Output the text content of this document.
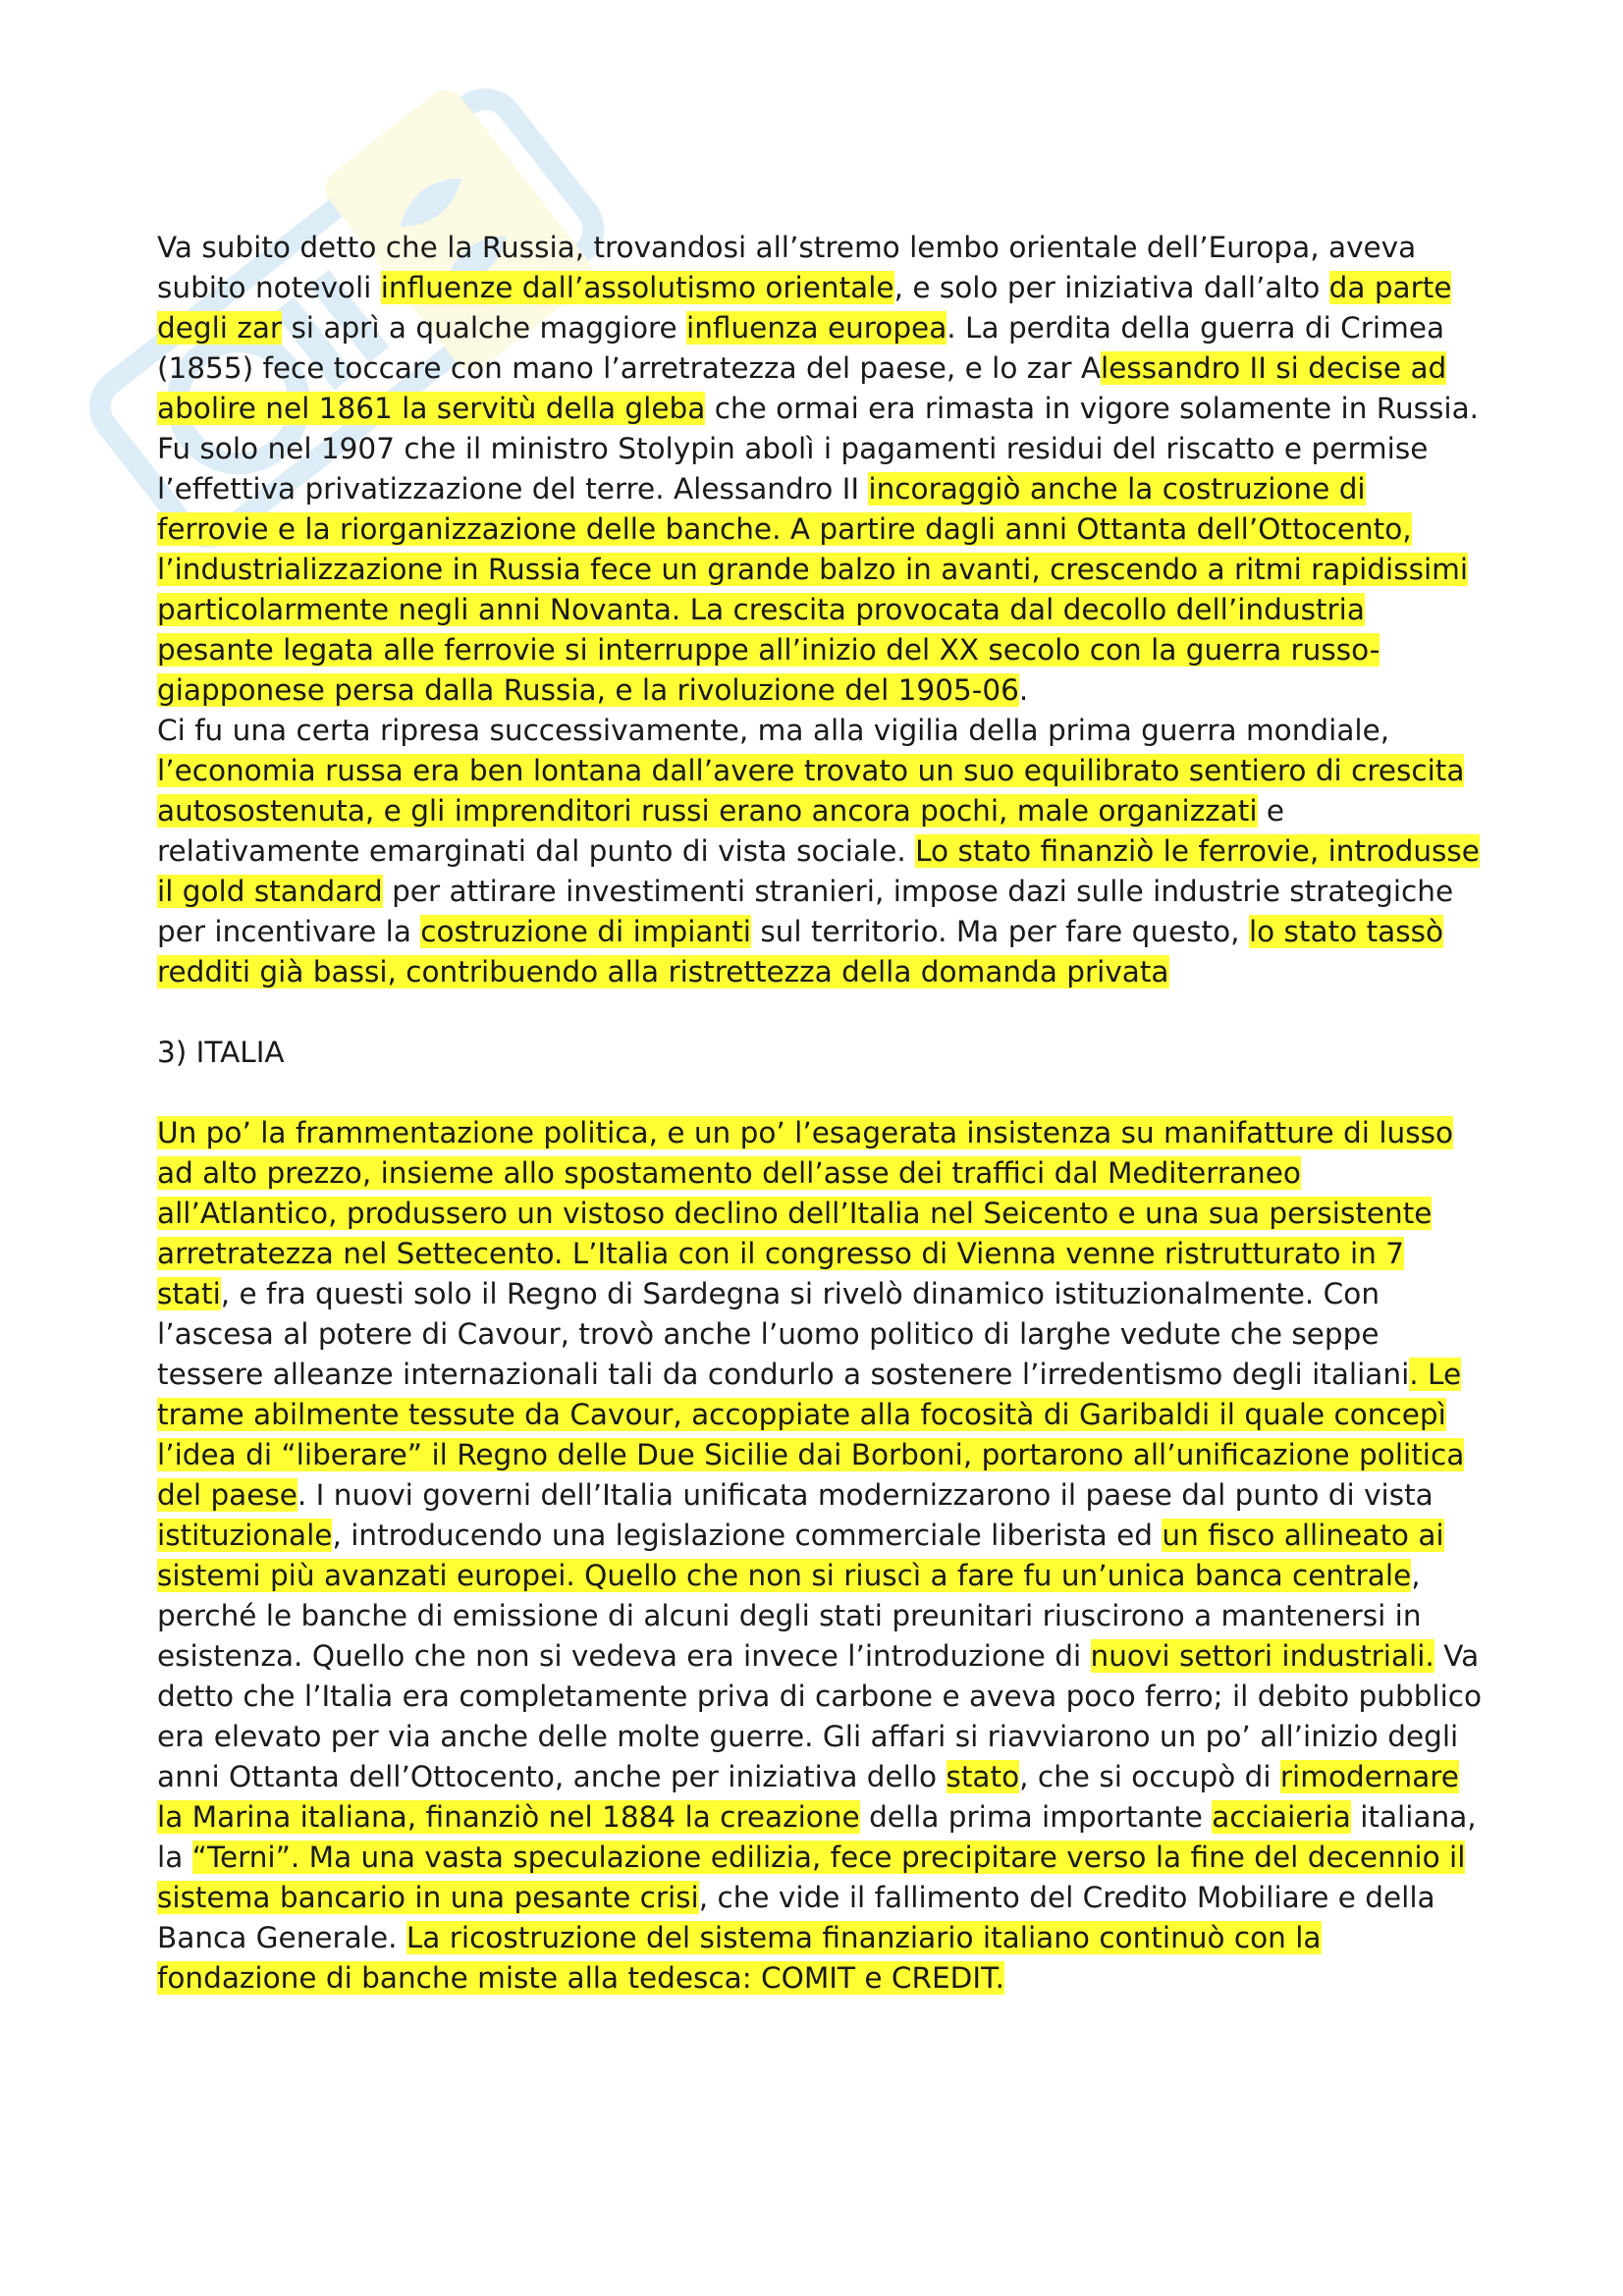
Va subito detto che la Russia, trovandosi all’stremo lembo orientale dell’Europa, aveva subito notevoli influenze dall’assolutismo orientale, e solo per iniziativa dall’alto da parte degli zar si aprì a qualche maggiore influenza europea. La perdita della guerra di Crimea (1855) fece toccare con mano l’arretratezza del paese, e lo zar Alessandro II si decise ad abolire nel 1861 la servitù della gleba che ormai era rimasta in vigore solamente in Russia. Fu solo nel 1907 che il ministro Stolypin abolì i pagamenti residui del riscatto e permise l’effettiva privatizzazione del terre. Alessandro II incoraggiò anche la costruzione di ferrovie e la riorganizzazione delle banche. A partire dagli anni Ottanta dell’Ottocento, l’industrializzazione in Russia fece un grande balzo in avanti, crescendo a ritmi rapidissimi particolarmente negli anni Novanta. La crescita provocata dal decollo dell’industria pesante legata alle ferrovie si interruppe all’inizio del XX secolo con la guerra russo-giapponese persa dalla Russia, e la rivoluzione del 1905-06.

Ci fu una certa ripresa successivamente, ma alla vigilia della prima guerra mondiale, l’economia russa era ben lontana dall’avere trovato un suo equilibrato sentiero di crescita autosostenuta, e gli imprenditori russi erano ancora pochi, male organizzati e relativamente emarginati dal punto di vista sociale. Lo stato finanziò le ferrovie, introdusse il gold standard per attirare investimenti stranieri, impose dazi sulle industrie strategiche per incentivare la costruzione di impianti sul territorio. Ma per fare questo, lo stato tassò redditi già bassi, contribuendo alla ristrettezza della domanda privata

3) ITALIA

Un po’ la frammentazione politica, e un po’ l’esagerata insistenza su manifatture di lusso ad alto prezzo, insieme allo spostamento dell’asse dei traffici dal Mediterraneo all’Atlantico, produssero un vistoso declino dell’Italia nel Seicento e una sua persistente arretratezza nel Settecento. L’Italia con il congresso di Vienna venne ristrutturato in 7 stati, e fra questi solo il Regno di Sardegna si rivelò dinamico istituzionalmente. Con l’ascesa al potere di Cavour, trovò anche l’uomo politico di larghe vedute che seppe tessere alleanze internazionali tali da condurlo a sostenere l’irredentismo degli italiani. Le trame abilmente tessute da Cavour, accoppiate alla focosità di Garibaldi il quale concepì l’idea di “liberare” il Regno delle Due Sicilie dai Borboni, portarono all’unificazione politica del paese. I nuovi governi dell’Italia unificata modernizzarono il paese dal punto di vista istituzionale, introducendo una legislazione commerciale liberista ed un fisco allineato ai sistemi più avanzati europei. Quello che non si riuscì a fare fu un’unica banca centrale, perché le banche di emissione di alcuni degli stati preunitari riuscirono a mantenersi in esistenza. Quello che non si vedeva era invece l’introduzione di nuovi settori industriali. Va detto che l’Italia era completamente priva di carbone e aveva poco ferro; il debito pubblico era elevato per via anche delle molte guerre. Gli affari si riavviarono un po’ all’inizio degli anni Ottanta dell’Ottocento, anche per iniziativa dello stato, che si occupò di rimodernare la Marina italiana, finanziò nel 1884 la creazione della prima importante acciaieria italiana, la “Terni”. Ma una vasta speculazione edilizia, fece precipitare verso la fine del decennio il sistema bancario in una pesante crisi, che vide il fallimento del Credito Mobiliare e della Banca Generale. La ricostruzione del sistema finanziario italiano continuò con la fondazione di banche miste alla tedesca: COMIT e CREDIT.
